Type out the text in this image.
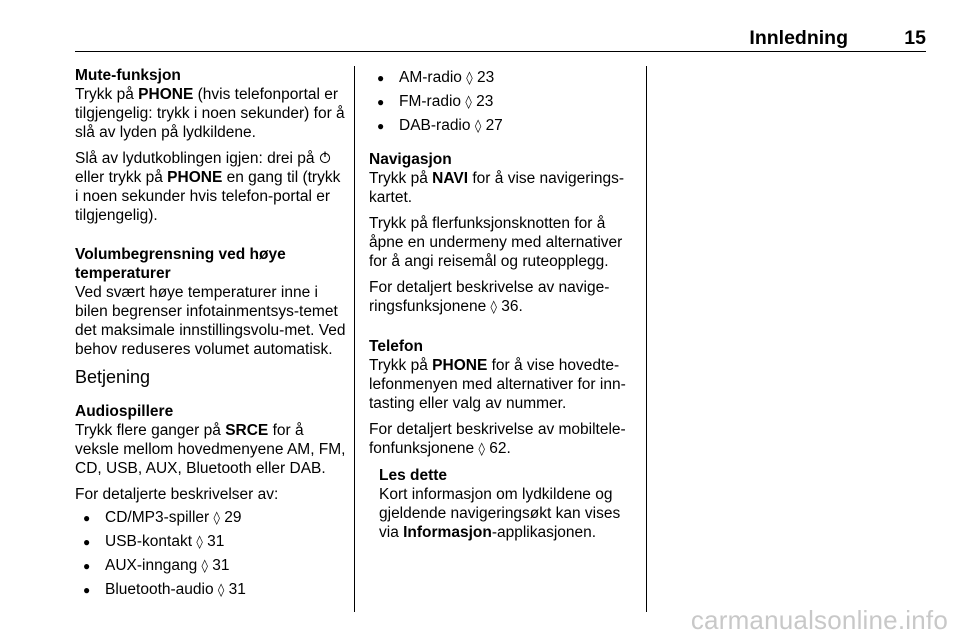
Innledning	15
Mute-funksjon
Trykk på PHONE (hvis telefonportal er tilgjengelig: trykk i noen sekunder) for å slå av lyden på lydkildene.
Slå av lydutkoblingen igjen: drei på  eller trykk på PHONE en gang til (trykk i noen sekunder hvis telefon-portal er tilgjengelig).
Volumbegrensning ved høye temperaturer
Ved svært høye temperaturer inne i bilen begrenser infotainmentsys-temet det maksimale innstillingsvolu-met. Ved behov reduseres volumet automatisk.
Betjening
Audiospillere
Trykk flere ganger på SRCE for å veksle mellom hovedmenyene AM, FM, CD, USB, AUX, Bluetooth eller DAB.
For detaljerte beskrivelser av:
● CD/MP3-spiller ◊ 29
● USB-kontakt ◊ 31
● AUX-inngang ◊ 31
● Bluetooth-audio ◊ 31
● AM-radio ◊ 23
● FM-radio ◊ 23
● DAB-radio ◊ 27
Navigasjon
Trykk på NAVI for å vise navigerings-kartet.
Trykk på flerfunksjonsknotten for å åpne en undermeny med alternativer for å angi reisemål og ruteopplegg.
For detaljert beskrivelse av navige-ringsfunksjonene ◊ 36.
Telefon
Trykk på PHONE for å vise hovedte-lefonmenyen med alternativer for inn-tasting eller valg av nummer.
For detaljert beskrivelse av mobiltele-fonfunksjonene ◊ 62.
Les dette
Kort informasjon om lydkildene og gjeldende navigeringsøkt kan vises via Informasjon-applikasjonen.
carmanualsonline.info
